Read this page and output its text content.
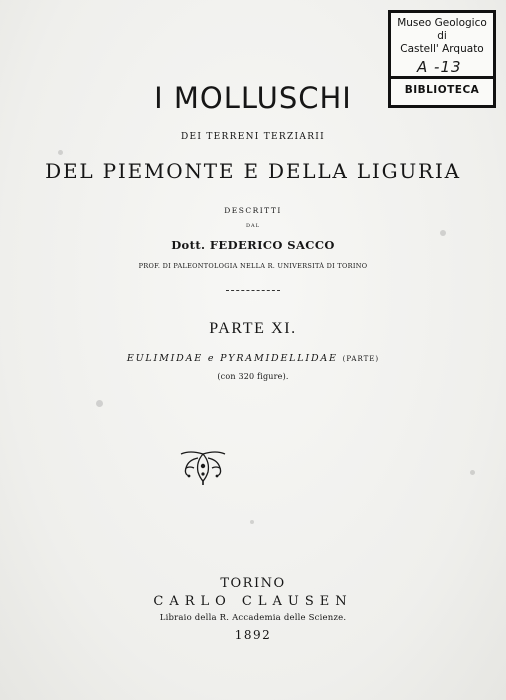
Museo Geologico
di
Castell' Arquato
A -13
BIBLIOTECA
I MOLLUSCHI
DEI TERRENI TERZIARII
DEL PIEMONTE E DELLA LIGURIA
DESCRITTI
DAL
Dott. FEDERICO SACCO
PROF. DI PALEONTOLOGIA NELLA R. UNIVERSITÀ DI TORINO
PARTE XI.
EULIMIDAE e PYRAMIDELLIDAE (PARTE)
(con 320 figure).
TORINO
CARLO CLAUSEN
Libraio della R. Accademia delle Scienze.
1892
